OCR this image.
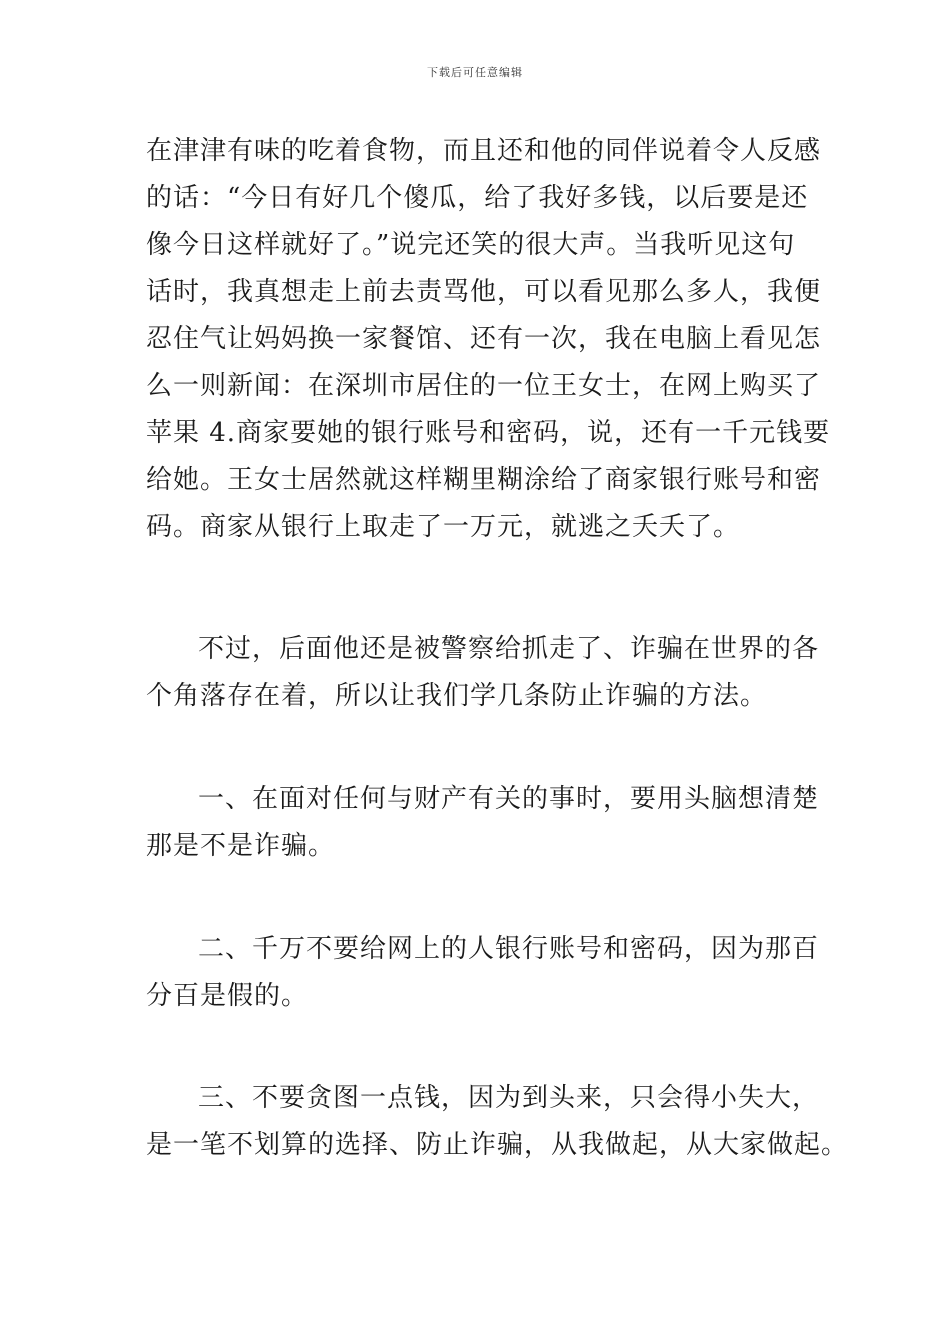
下载后可任意编辑

在津津有味的吃着食物，而且还和他的同伴说着令人反感
的话：“今日有好几个傻瓜，给了我好多钱，以后要是还
像今日这样就好了。”说完还笑的很大声。当我听见这句
话时，我真想走上前去责骂他，可以看见那么多人，我便
忍住气让妈妈换一家餐馆、还有一次，我在电脑上看见怎
么一则新闻：在深圳市居住的一位王女士，在网上购买了
苹果 4.商家要她的银行账号和密码，说，还有一千元钱要
给她。王女士居然就这样糊里糊涂给了商家银行账号和密
码。商家从银行上取走了一万元，就逃之夭夭了。

不过，后面他还是被警察给抓走了、诈骗在世界的各
个角落存在着，所以让我们学几条防止诈骗的方法。

一、在面对任何与财产有关的事时，要用头脑想清楚
那是不是诈骗。

二、千万不要给网上的人银行账号和密码，因为那百
分百是假的。

三、不要贪图一点钱，因为到头来，只会得小失大，
是一笔不划算的选择、防止诈骗，从我做起，从大家做起。
